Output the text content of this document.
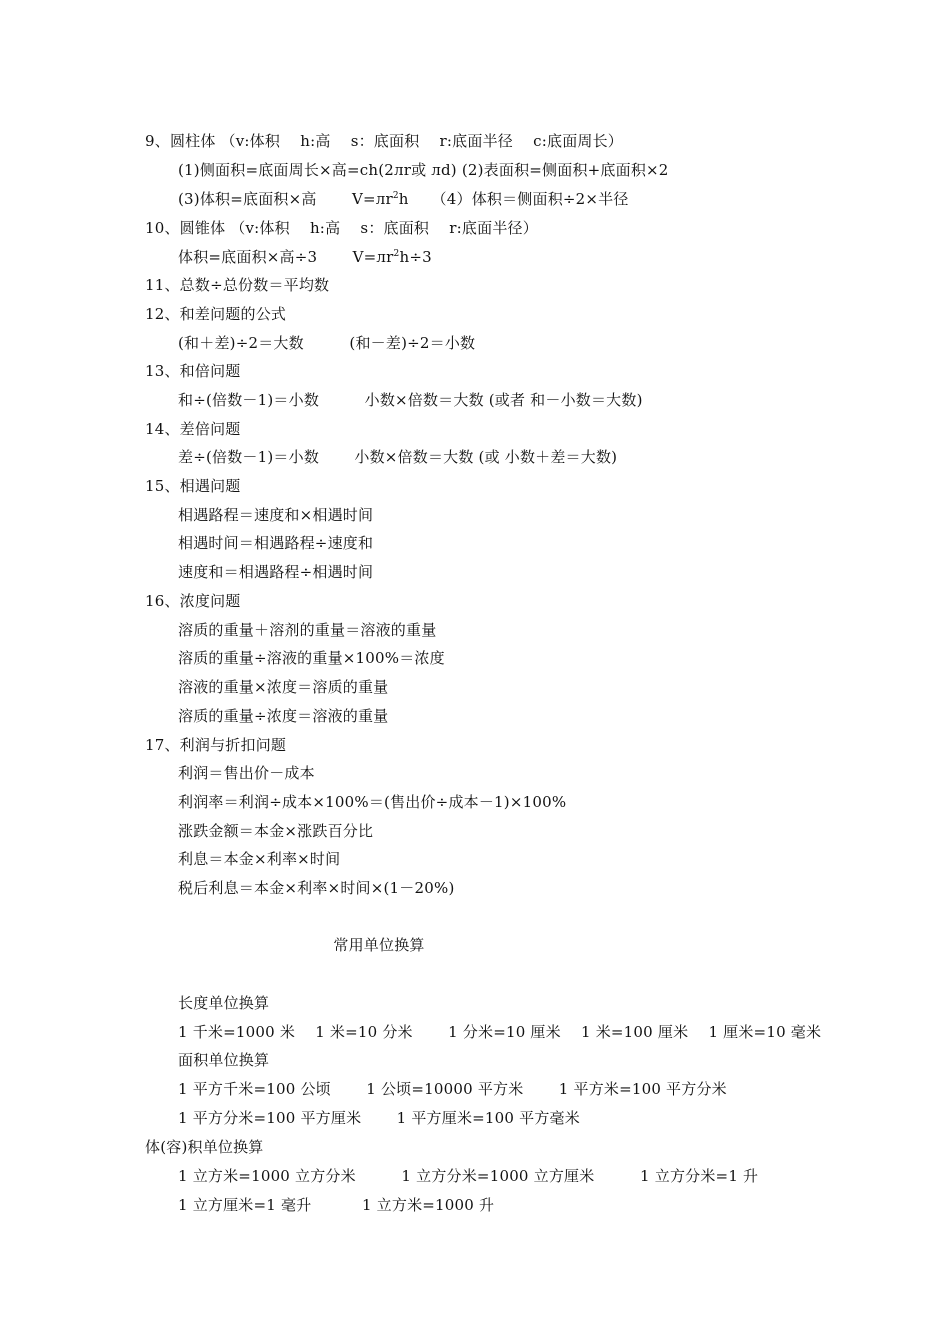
9、圆柱体 （v:体积　 h:高　 s：底面积　 r:底面半径　 c:底面周长）
(1)侧面积=底面周长×高=ch(2лr或 лd) (2)表面积=侧面积+底面积×2
(3)体积=底面积×高　　 $V=лr^2h$　　（4）体积＝侧面积÷2×半径
10、圆锥体 （v:体积　 h:高　 s：底面积　 r:底面半径）
体积=底面积×高÷3　　 $V=лr^2h\div 3$
11、总数÷总份数＝平均数
12、和差问题的公式
(和＋差)÷2＝大数　　　(和－差)÷2＝小数
13、和倍问题
和÷(倍数－1)＝小数　　　小数×倍数＝大数 (或者 和－小数＝大数)
14、差倍问题
差÷(倍数－1)＝小数　　 小数×倍数＝大数 (或 小数＋差＝大数)
15、相遇问题
相遇路程＝速度和×相遇时间
相遇时间＝相遇路程÷速度和
速度和＝相遇路程÷相遇时间
16、浓度问题
溶质的重量＋溶剂的重量＝溶液的重量
溶质的重量÷溶液的重量×100%＝浓度
溶液的重量×浓度＝溶质的重量
溶质的重量÷浓度＝溶液的重量
17、利润与折扣问题
利润＝售出价－成本
利润率＝利润÷成本×100%＝(售出价÷成本－1)×100%
涨跌金额＝本金×涨跌百分比
利息＝本金×利率×时间
税后利息＝本金×利率×时间×(1－20%)
常用单位换算
长度单位换算
1 千米=1000 米　 1 米=10 分米　　 1 分米=10 厘米　 1 米=100 厘米　 1 厘米=10 毫米
面积单位换算
1 平方千米=100 公顷　　 1 公顷=10000 平方米　　 1 平方米=100 平方分米
1 平方分米=100 平方厘米　　 1 平方厘米=100 平方毫米
体(容)积单位换算
1 立方米=1000 立方分米　　　1 立方分米=1000 立方厘米　　　1 立方分米=1 升
1 立方厘米=1 毫升　　　 1 立方米=1000 升
